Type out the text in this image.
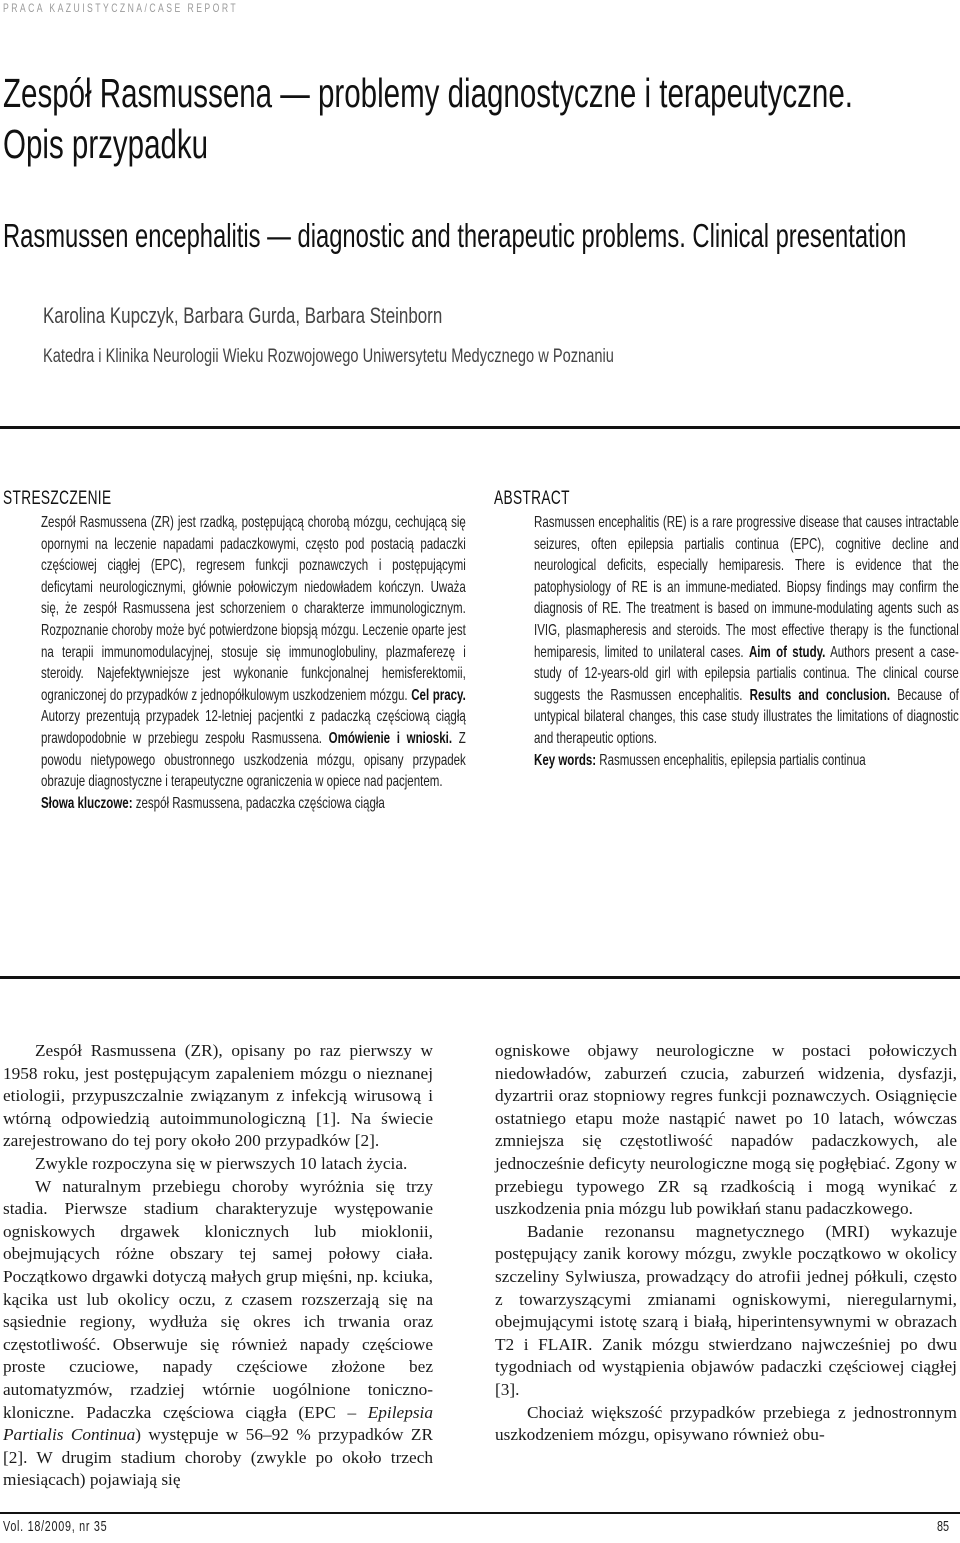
PRACA KAZUISTYCZNA/CASE REPORT
Zespół Rasmussena — problemy diagnostyczne i terapeutyczne. Opis przypadku
Rasmussen encephalitis — diagnostic and therapeutic problems. Clinical presentation
Karolina Kupczyk, Barbara Gurda, Barbara Steinborn
Katedra i Klinika Neurologii Wieku Rozwojowego Uniwersytetu Medycznego w Poznaniu
STRESZCZENIE

Zespół Rasmussena (ZR) jest rzadką, postępującą chorobą mózgu, cechującą się opornymi na leczenie napadami padaczkowymi, często pod postacią padaczki częściowej ciągłej (EPC), regresem funkcji poznawczych i postępującymi deficytami neurologicznymi, głównie połowiczym niedowładem kończyn. Uważa się, że zespół Rasmussena jest schorzeniem o charakterze immunologicznym. Rozpoznanie choroby może być potwierdzone biopsją mózgu. Leczenie oparte jest na terapii immunomodulacyjnej, stosuje się immunoglobuliny, plazmaferezę i steroidy. Najefektywniejsze jest wykonanie funkcjonalnej hemisferektomii, ograniczonej do przypadków z jednopółkulowym uszkodzeniem mózgu. Cel pracy. Autorzy prezentują przypadek 12-letniej pacjentki z padaczką częściową ciągłą prawdopodobnie w przebiegu zespołu Rasmussena. Omówienie i wnioski. Z powodu nietypowego obustronnego uszkodzenia mózgu, opisany przypadek obrazuje diagnostyczne i terapeutyczne ograniczenia w opiece nad pacjentem.

Słowa kluczowe: zespół Rasmussena, padaczka częściowa ciągła

ABSTRACT

Rasmussen encephalitis (RE) is a rare progressive disease that causes intractable seizures, often epilepsia partialis continua (EPC), cognitive decline and neurological deficits, especially hemiparesis. There is evidence that the patophysiology of RE is an immune-mediated. Biopsy findings may confirm the diagnosis of RE. The treatment is based on immune-modulating agents such as IVIG, plasmapheresis and steroids. The most effective therapy is the functional hemiparesis, limited to unilateral cases. Aim of study. Authors present a case-study of 12-years-old girl with epilepsia partialis continua. The clinical course suggests the Rasmussen encephalitis. Results and conclusion. Because of untypical bilateral changes, this case study illustrates the limitations of diagnostic and therapeutic options.

Key words: Rasmussen encephalitis, epilepsia partialis continua

Zespół Rasmussena (ZR), opisany po raz pierwszy w 1958 roku, jest postępującym zapaleniem mózgu o nieznanej etiologii, przypuszczalnie związanym z infekcją wirusową i wtórną odpowiedzią autoimmunologiczną [1]. Na świecie zarejestrowano do tej pory około 200 przypadków [2].

Zwykle rozpoczyna się w pierwszych 10 latach życia.

W naturalnym przebiegu choroby wyróżnia się trzy stadia. Pierwsze stadium charakteryzuje występowanie ogniskowych drgawek klonicznych lub mioklonii, obejmujących różne obszary tej samej połowy ciała. Początkowo drgawki dotyczą małych grup mięśni, np. kciuka, kącika ust lub okolicy oczu, z czasem rozszerzają się na sąsiednie regiony, wydłuża się okres ich trwania oraz częstotliwość. Obserwuje się również napady częściowe proste czuciowe, napady częściowe złożone bez automatyzmów, rzadziej wtórnie uogólnione toniczno-kloniczne. Padaczka częściowa ciągła (EPC – Epilepsia Partialis Continua) występuje w 56–92 % przypadków ZR [2]. W drugim stadium choroby (zwykle po około trzech miesiącach) pojawiają się

ogniskowe objawy neurologiczne w postaci połowiczych niedowładów, zaburzeń czucia, zaburzeń widzenia, dysfazji, dyzartrii oraz stopniowy regres funkcji poznawczych. Osiągnięcie ostatniego etapu może nastąpić nawet po 10 latach, wówczas zmniejsza się częstotliwość napadów padaczkowych, ale jednocześnie deficyty neurologiczne mogą się pogłębiać. Zgony w przebiegu typowego ZR są rzadkością i mogą wynikać z uszkodzenia pnia mózgu lub powikłań stanu padaczkowego.

Badanie rezonansu magnetycznego (MRI) wykazuje postępujący zanik korowy mózgu, zwykle początkowo w okolicy szczeliny Sylwiusza, prowadzący do atrofii jednej półkuli, często z towarzyszącymi zmianami ogniskowymi, nieregularnymi, obejmującymi istotę szarą i białą, hiperintensywnymi w obrazach T2 i FLAIR. Zanik mózgu stwierdzano najwcześniej po dwu tygodniach od wystąpienia objawów padaczki częściowej ciągłej [3].

Chociaż większość przypadków przebiega z jednostronnym uszkodzeniem mózgu, opisywano również obu-

Vol. 18/2009, nr 35	85
